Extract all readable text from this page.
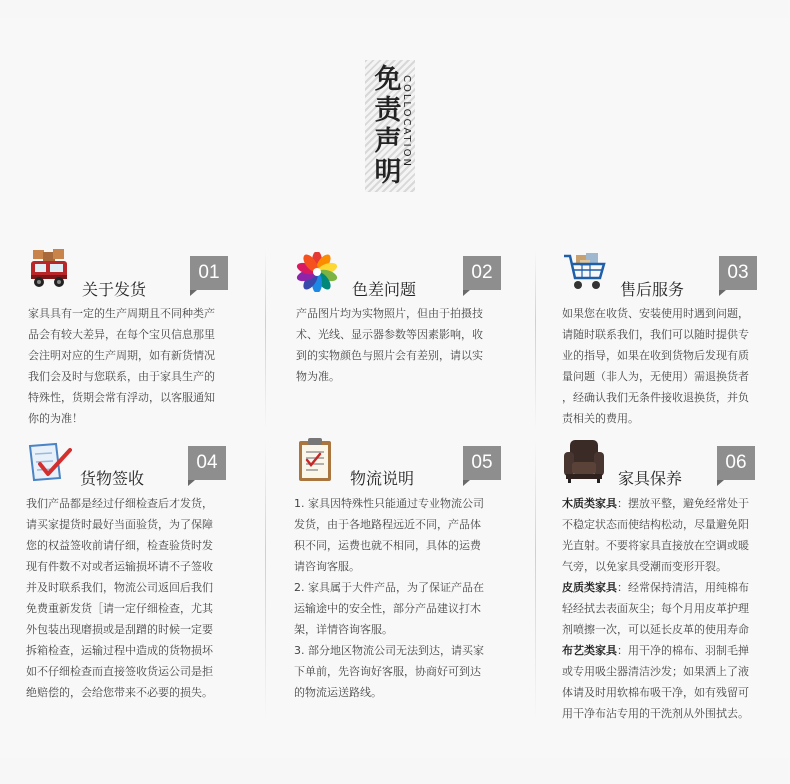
免
责
声
明
COLLOCATION
关于发货
01

家具具有一定的生产周期且不同种类产

品会有较大差异，在每个宝贝信息那里

会注明对应的生产周期，如有新货情况

我们会及时与您联系，由于家具生产的

特殊性，货期会常有浮动，以客服通知

你的为准！

色差问题
02

产品图片均为实物照片，但由于拍摄技

术、光线、显示器参数等因素影响，收

到的实物颜色与照片会有差别，请以实

物为准。

售后服务
03

如果您在收货、安装使用时遇到问题，

请随时联系我们，我们可以随时提供专

业的指导，如果在收到货物后发现有质

量问题（非人为，无使用）需退换货者

，经确认我们无条件接收退换货，并负

责相关的费用。

货物签收
04

我们产品都是经过仔细检查后才发货，

请买家提货时最好当面验货，为了保障

您的权益签收前请仔细，检查验货时发

现有件数不对或者运输损坏请不子签收

并及时联系我们，物流公司返回后我们

免费重新发货［请一定仔细检查，尤其

外包装出现磨损或是刮蹭的时候一定要

拆箱检查，运输过程中造成的货物损坏

如不仔细检查而直接签收货运公司是拒

绝赔偿的，会给您带来不必要的损失。

物流说明
05

1. 家具因特殊性只能通过专业物流公司

发货，由于各地路程远近不同，产品体

积不同，运费也就不相同，具体的运费

请咨询客服。

2. 家具属于大件产品，为了保证产品在

运输途中的安全性，部分产品建议打木

架，详情咨询客服。

3. 部分地区物流公司无法到达，请买家

下单前，先咨询好客服，协商好可到达

的物流运送路线。

家具保养
06

木质类家具：摆放平整，避免经常处于

不稳定状态而使结构松动，尽量避免阳

光直射。不要将家具直接放在空调或暖

气旁，以免家具受潮而变形开裂。

皮质类家具：经常保持清洁，用纯棉布

轻经拭去表面灰尘；每个月用皮革护理

剂喷擦一次，可以延长皮革的使用寿命

布艺类家具：用干净的棉布、羽制毛掸

或专用吸尘器清洁沙发；如果洒上了液

体请及时用软棉布吸干净，如有残留可

用干净布沾专用的干洗剂从外围拭去。
